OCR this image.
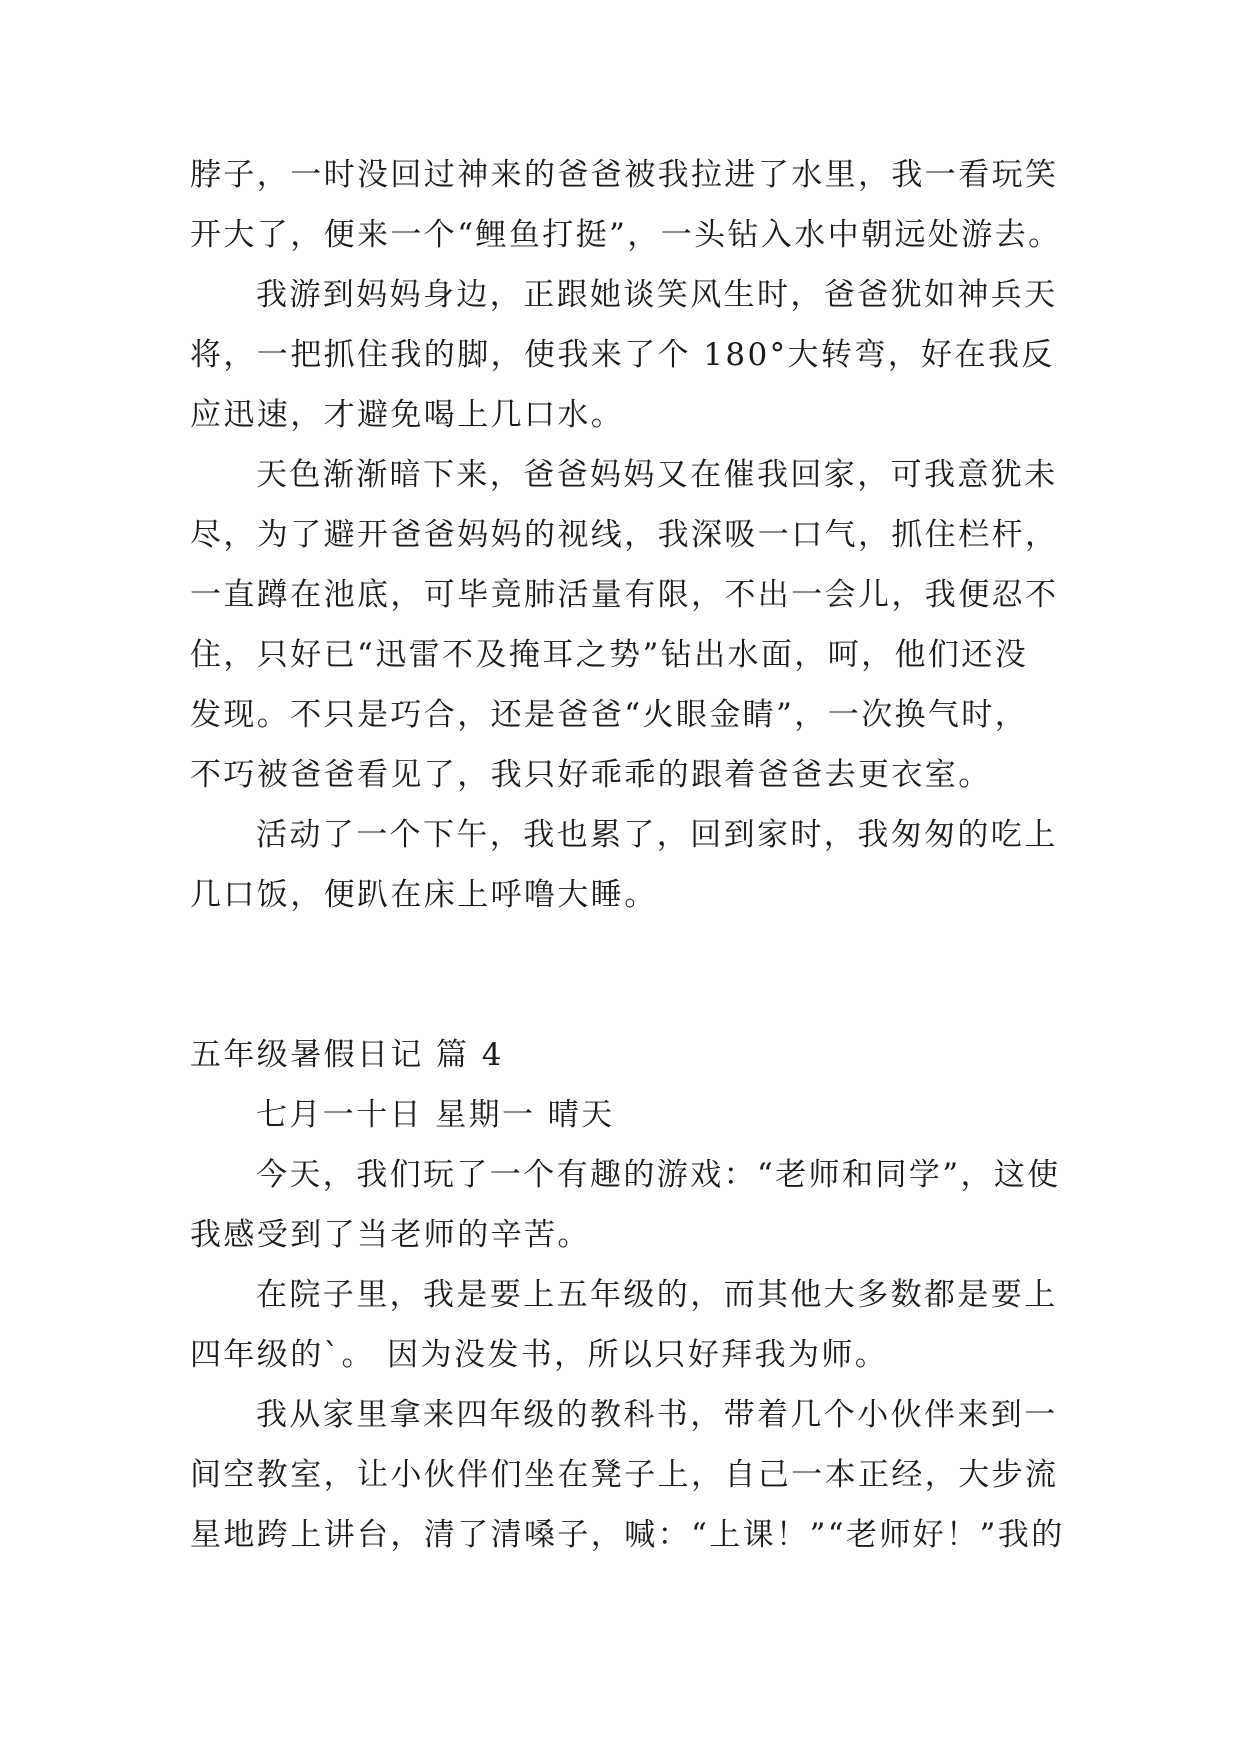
脖子，一时没回过神来的爸爸被我拉进了水里，我一看玩笑
开大了，便来一个“鲤鱼打挺”，一头钻入水中朝远处游去。
我游到妈妈身边，正跟她谈笑风生时，爸爸犹如神兵天
将，一把抓住我的脚，使我来了个 180°大转弯，好在我反
应迅速，才避免喝上几口水。
天色渐渐暗下来，爸爸妈妈又在催我回家，可我意犹未
尽，为了避开爸爸妈妈的视线，我深吸一口气，抓住栏杆，
一直蹲在池底，可毕竟肺活量有限，不出一会儿，我便忍不
住，只好已“迅雷不及掩耳之势”钻出水面，呵，他们还没
发现。不只是巧合，还是爸爸“火眼金睛”，一次换气时，
不巧被爸爸看见了，我只好乖乖的跟着爸爸去更衣室。
活动了一个下午，我也累了，回到家时，我匆匆的吃上
几口饭，便趴在床上呼噜大睡。
五年级暑假日记 篇 4
七月一十日 星期一 晴天
今天，我们玩了一个有趣的游戏：“老师和同学”，这使
我感受到了当老师的辛苦。
在院子里，我是要上五年级的，而其他大多数都是要上
四年级的`。 因为没发书，所以只好拜我为师。
我从家里拿来四年级的教科书，带着几个小伙伴来到一
间空教室，让小伙伴们坐在凳子上，自己一本正经，大步流
星地跨上讲台，清了清嗓子，喊：“上课！”“老师好！”我的
